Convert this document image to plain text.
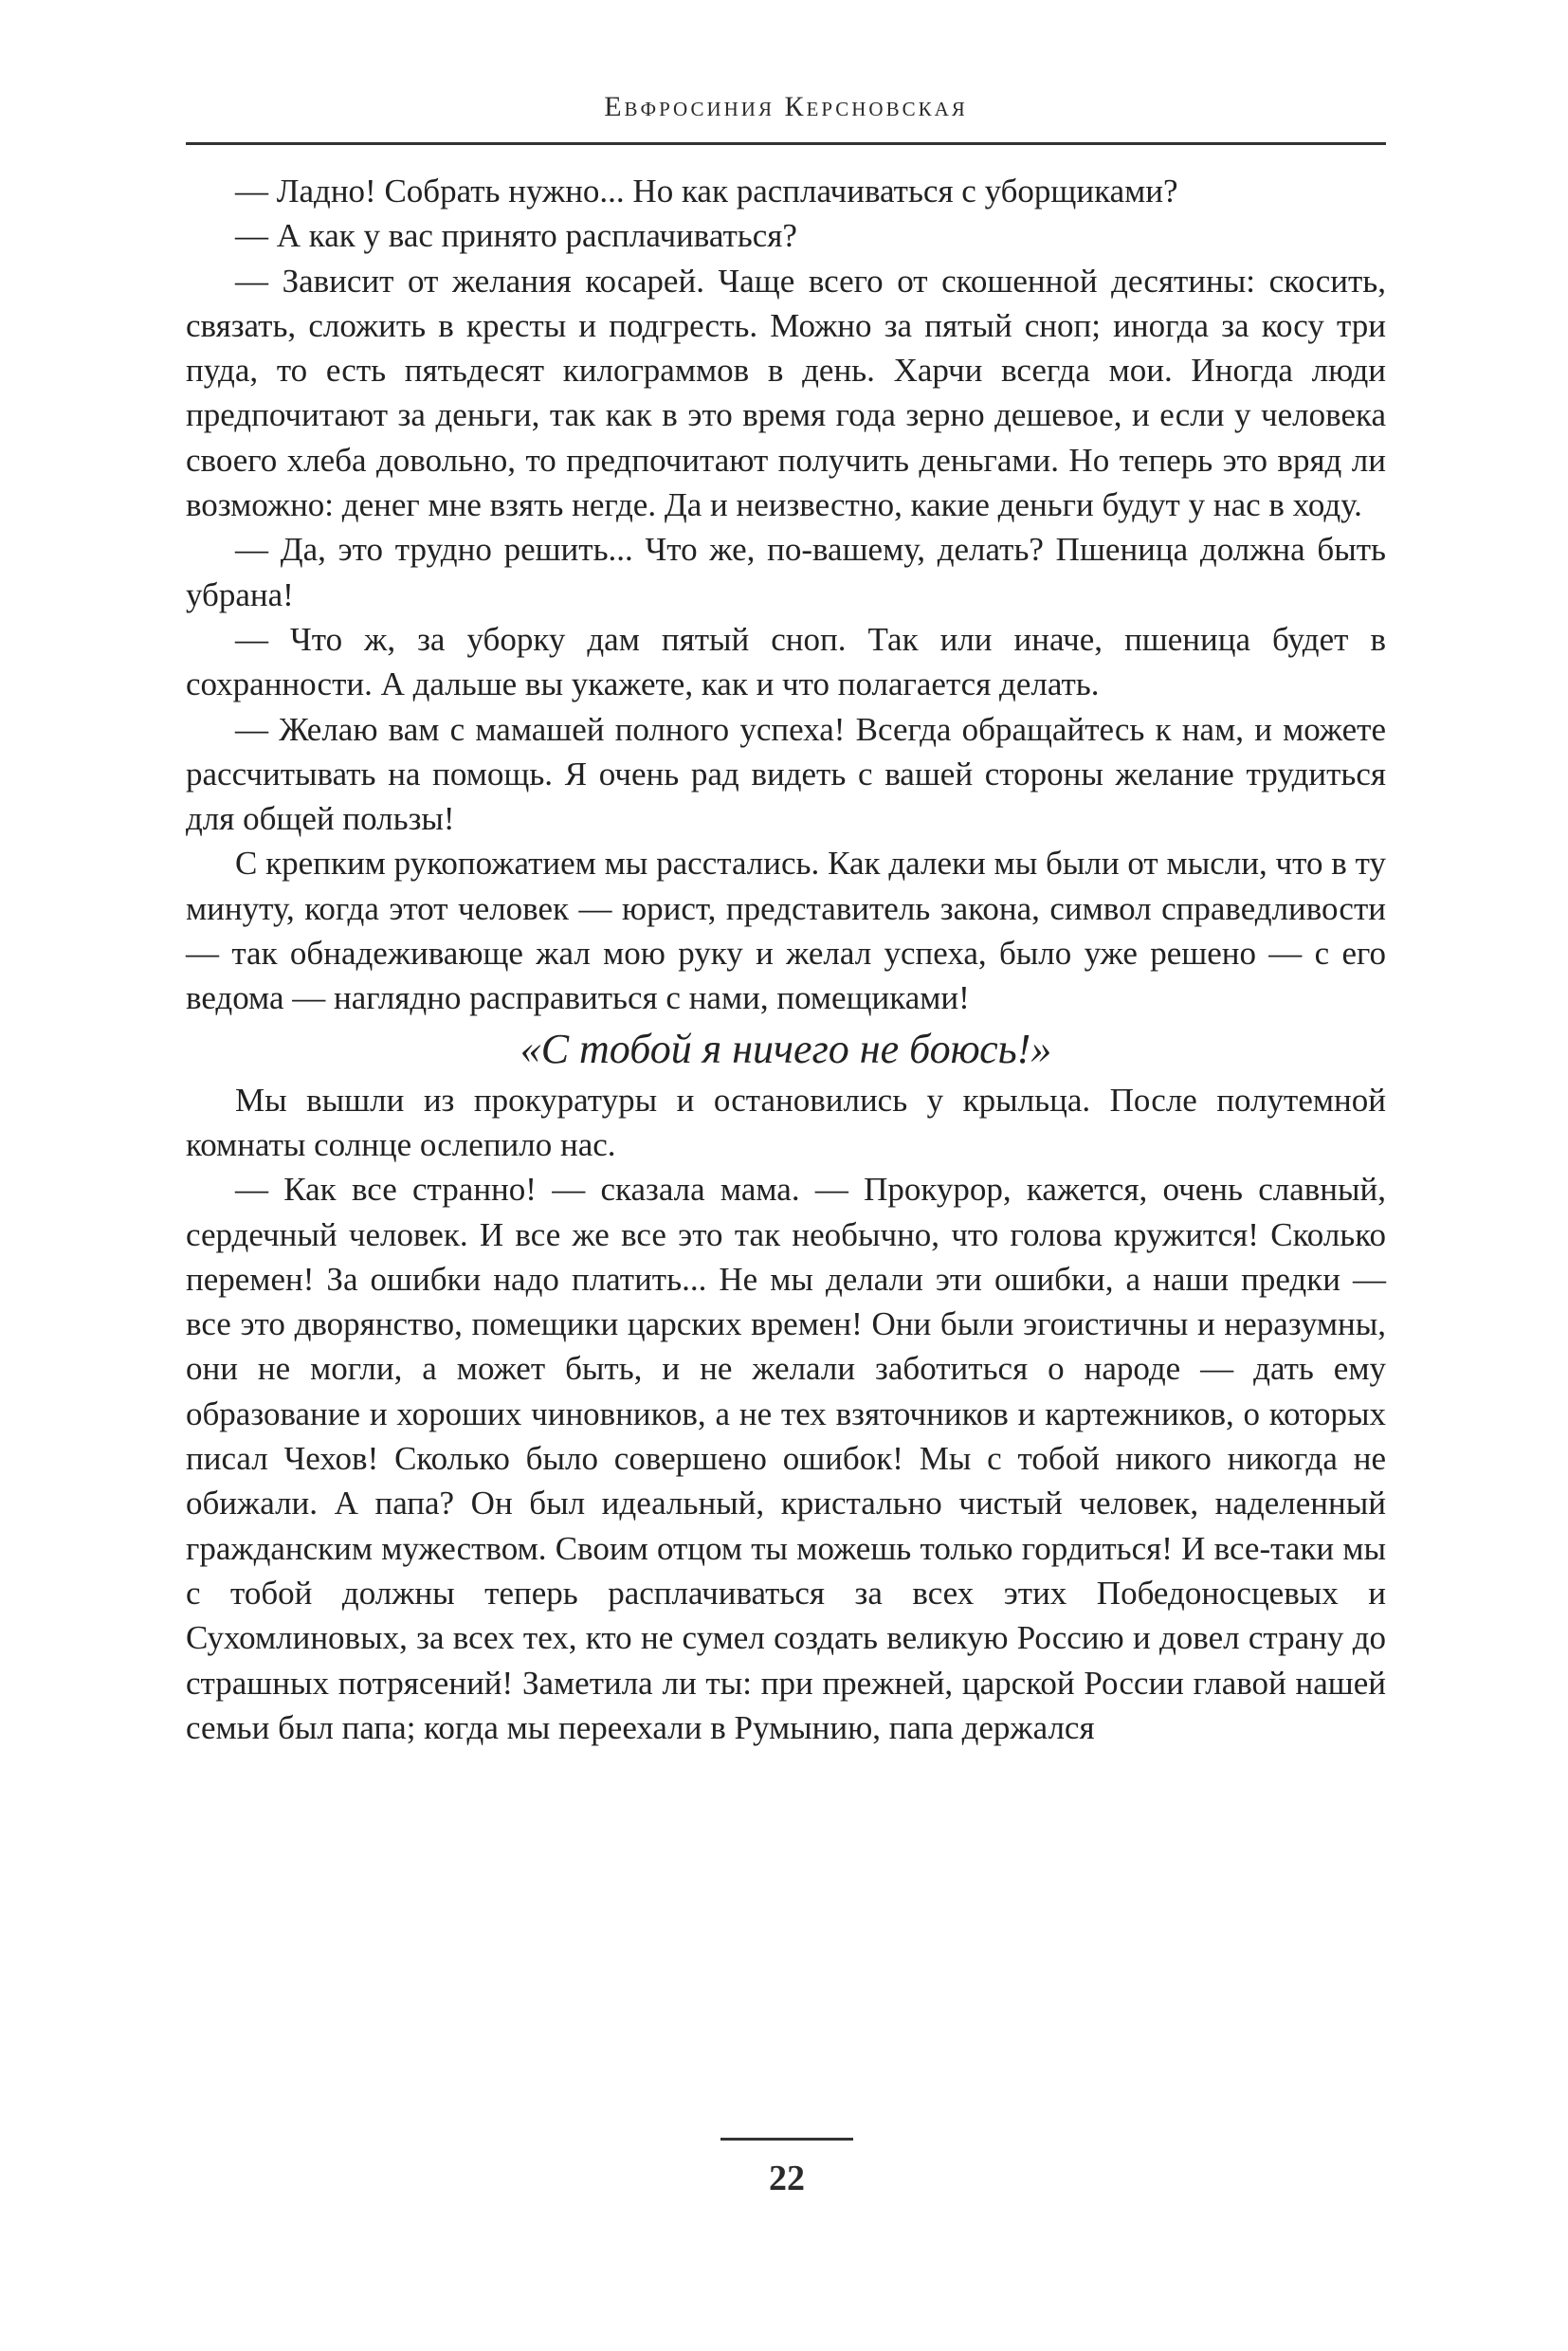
Евфросиния Керсновская

— Ладно! Собрать нужно... Но как расплачиваться с уборщиками?

— А как у вас принято расплачиваться?

— Зависит от желания косарей. Чаще всего от скошенной десятины: скосить, связать, сложить в кресты и подгресть. Можно за пятый сноп; иногда за косу три пуда, то есть пятьдесят килограммов в день. Харчи всегда мои. Иногда люди предпочитают за деньги, так как в это время года зерно дешевое, и если у человека своего хлеба довольно, то предпочитают получить деньгами. Но теперь это вряд ли возможно: денег мне взять негде. Да и неизвестно, какие деньги будут у нас в ходу.

— Да, это трудно решить... Что же, по-вашему, делать? Пшеница должна быть убрана!

— Что ж, за уборку дам пятый сноп. Так или иначе, пшеница будет в сохранности. А дальше вы укажете, как и что полагается делать.

— Желаю вам с мамашей полного успеха! Всегда обращайтесь к нам, и можете рассчитывать на помощь. Я очень рад видеть с вашей стороны желание трудиться для общей пользы!

С крепким рукопожатием мы расстались. Как далеки мы были от мысли, что в ту минуту, когда этот человек — юрист, представитель закона, символ справедливости — так обнадеживающе жал мою руку и желал успеха, было уже решено — с его ведома — наглядно расправиться с нами, помещиками!

«С тобой я ничего не боюсь!»

Мы вышли из прокуратуры и остановились у крыльца. После полутемной комнаты солнце ослепило нас.

— Как все странно! — сказала мама. — Прокурор, кажется, очень славный, сердечный человек. И все же все это так необычно, что голова кружится! Сколько перемен! За ошибки надо платить... Не мы делали эти ошибки, а наши предки — все это дворянство, помещики царских времен! Они были эгоистичны и неразумны, они не могли, а может быть, и не желали заботиться о народе — дать ему образование и хороших чиновников, а не тех взяточников и картежников, о которых писал Чехов! Сколько было совершено ошибок! Мы с тобой никого никогда не обижали. А папа? Он был идеальный, кристально чистый человек, наделенный гражданским мужеством. Своим отцом ты можешь только гордиться! И все-таки мы с тобой должны теперь расплачиваться за всех этих Победоносцевых и Сухомлиновых, за всех тех, кто не сумел создать великую Россию и довел страну до страшных потрясений! Заметила ли ты: при прежней, царской России главой нашей семьи был папа; когда мы переехали в Румынию, папа держался

22
